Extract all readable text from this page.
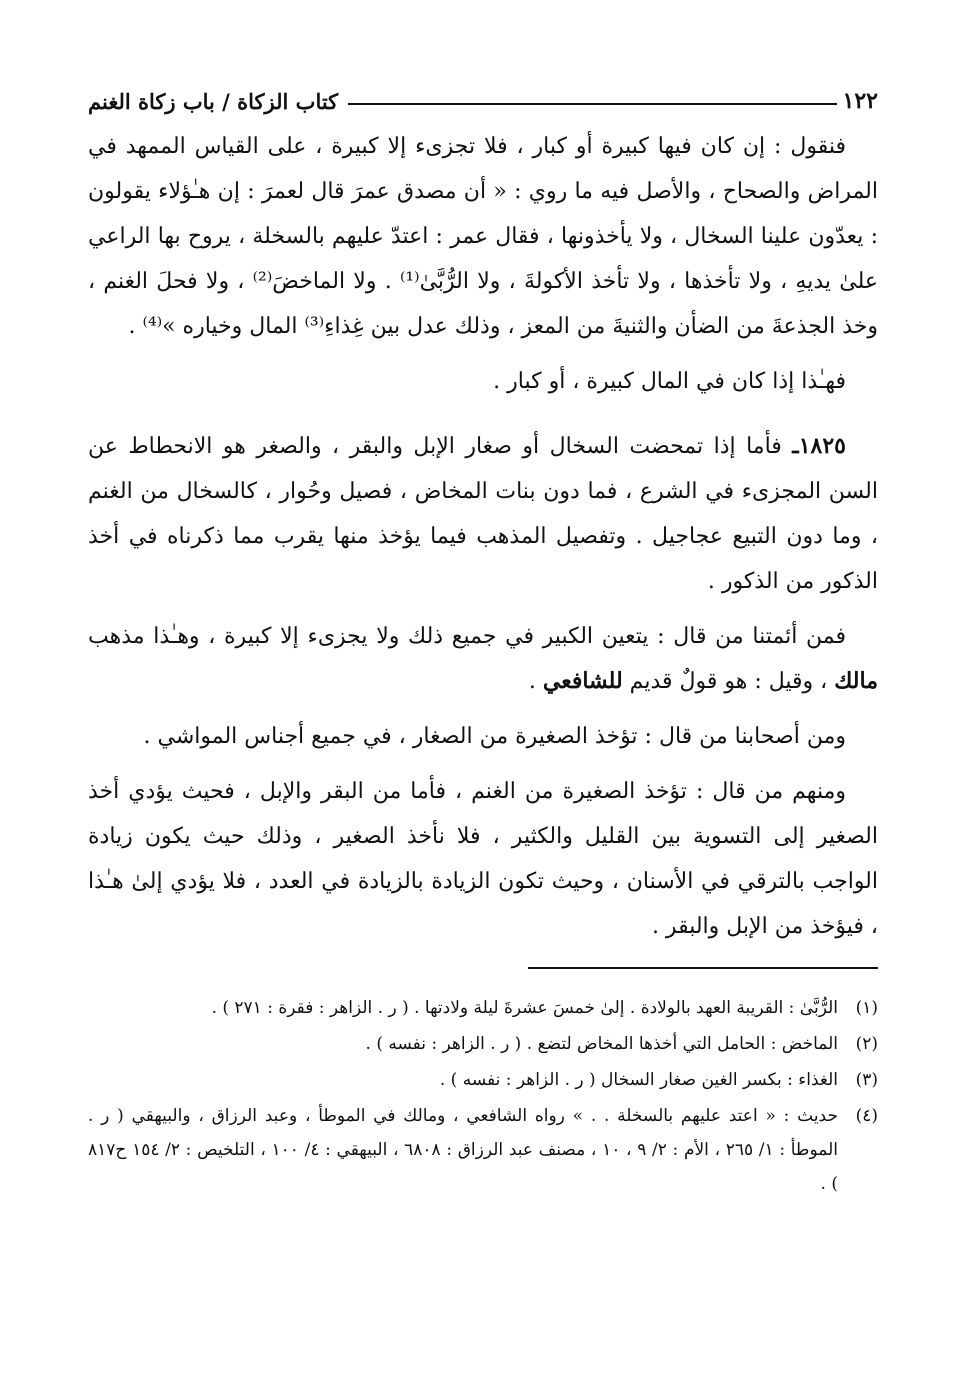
١٢٢
كتاب الزكاة / باب زكاة الغنم

فنقول : إن كان فيها كبيرة أو كبار ، فلا تجزىء إلا كبيرة ، على القياس الممهد في المراض والصحاح ، والأصل فيه ما روي : « أن مصدق عمرَ قال لعمرَ : إن هـٰؤلاء يقولون : يعدّون علينا السخال ، ولا يأخذونها ، فقال عمر : اعتدّ عليهم بالسخلة ، يروح بها الراعي علىٰ يديهِ ، ولا تأخذها ، ولا تأخذ الأكولةَ ، ولا الرُّبَّىٰ⁽¹⁾ . ولا الماخضَ⁽²⁾ ، ولا فحلَ الغنم ، وخذ الجذعةَ من الضأن والثنيةَ من المعز ، وذلك عدل بين غِذاءِ⁽³⁾ المال وخياره »⁽⁴⁾ .

فهـٰذا إذا كان في المال كبيرة ، أو كبار .

١٨٢٥ـ فأما إذا تمحضت السخال أو صغار الإبل والبقر ، والصغر هو الانحطاط عن السن المجزىء في الشرع ، فما دون بنات المخاض ، فصيل وحُوار ، كالسخال من الغنم ، وما دون التبيع عجاجيل . وتفصيل المذهب فيما يؤخذ منها يقرب مما ذكرناه في أخذ الذكور من الذكور .

فمن أئمتنا من قال : يتعين الكبير في جميع ذلك ولا يجزىء إلا كبيرة ، وهـٰذا مذهب مالك ، وقيل : هو قولٌ قديم للشافعي .

ومن أصحابنا من قال : تؤخذ الصغيرة من الصغار ، في جميع أجناس المواشي .

ومنهم من قال : تؤخذ الصغيرة من الغنم ، فأما من البقر والإبل ، فحيث يؤدي أخذ الصغير إلى التسوية بين القليل والكثير ، فلا نأخذ الصغير ، وذلك حيث يكون زيادة الواجب بالترقي في الأسنان ، وحيث تكون الزيادة بالزيادة في العدد ، فلا يؤدي إلىٰ هـٰذا ، فيؤخذ من الإبل والبقر .

(١)
الرُّبَّىٰ : القريبة العهد بالولادة . إلىٰ خمسَ عشرةَ ليلة ولادتها . ( ر . الزاهر : فقرة : ٢٧١ ) .
(٢)
الماخض : الحامل التي أخذها المخاض لتضع . ( ر . الزاهر : نفسه ) .
(٣)
الغذاء : بكسر الغين صغار السخال ( ر . الزاهر : نفسه ) .
(٤)
حديث : « اعتد عليهم بالسخلة . . » رواه الشافعي ، ومالك في الموطأ ، وعبد الرزاق ، والبيهقي ( ر . الموطأ : ١/ ٢٦٥ ، الأم : ٢/ ٩ ، ١٠ ، مصنف عبد الرزاق : ٦٨٠٨ ، البيهقي : ٤/ ١٠٠ ، التلخيص : ٢/ ١٥٤ ح٨١٧ ) .
